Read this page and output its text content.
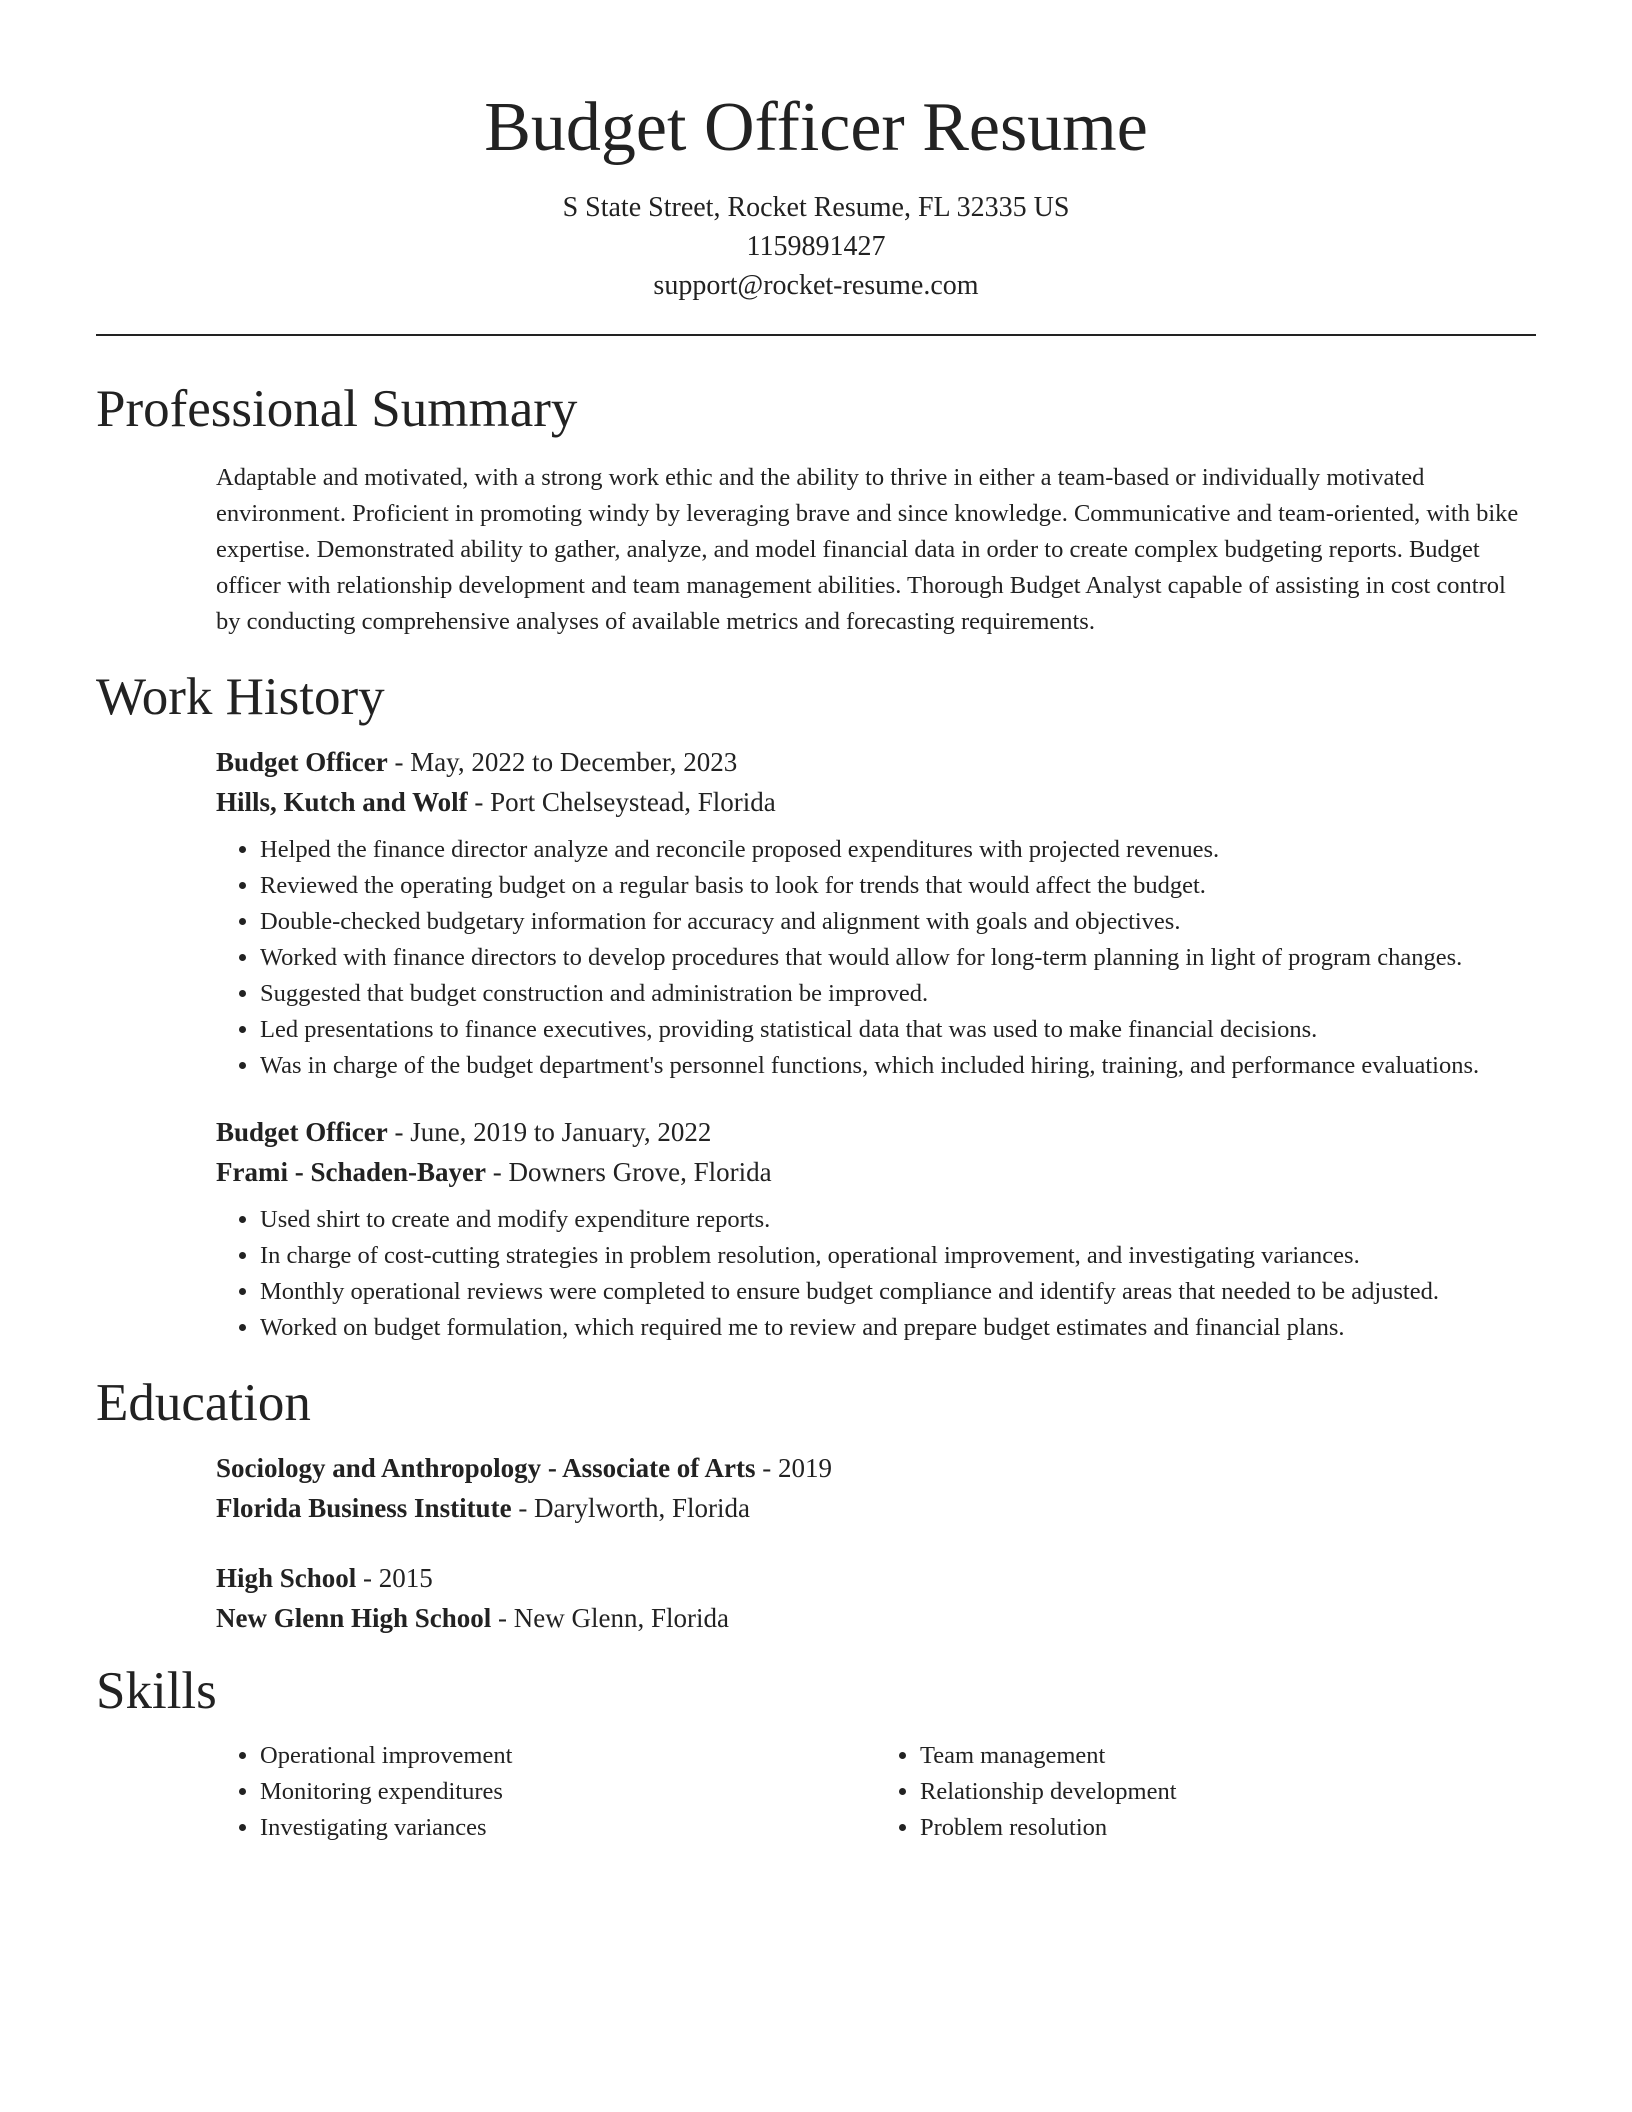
Budget Officer Resume
S State Street, Rocket Resume, FL 32335 US
1159891427
support@rocket-resume.com
Professional Summary
Adaptable and motivated, with a strong work ethic and the ability to thrive in either a team-based or individually motivated environment. Proficient in promoting windy by leveraging brave and since knowledge. Communicative and team-oriented, with bike expertise. Demonstrated ability to gather, analyze, and model financial data in order to create complex budgeting reports. Budget officer with relationship development and team management abilities. Thorough Budget Analyst capable of assisting in cost control by conducting comprehensive analyses of available metrics and forecasting requirements.
Work History
Budget Officer - May, 2022 to December, 2023
Hills, Kutch and Wolf - Port Chelseystead, Florida
• Helped the finance director analyze and reconcile proposed expenditures with projected revenues.
• Reviewed the operating budget on a regular basis to look for trends that would affect the budget.
• Double-checked budgetary information for accuracy and alignment with goals and objectives.
• Worked with finance directors to develop procedures that would allow for long-term planning in light of program changes.
• Suggested that budget construction and administration be improved.
• Led presentations to finance executives, providing statistical data that was used to make financial decisions.
• Was in charge of the budget department's personnel functions, which included hiring, training, and performance evaluations.
Budget Officer - June, 2019 to January, 2022
Frami - Schaden-Bayer - Downers Grove, Florida
• Used shirt to create and modify expenditure reports.
• In charge of cost-cutting strategies in problem resolution, operational improvement, and investigating variances.
• Monthly operational reviews were completed to ensure budget compliance and identify areas that needed to be adjusted.
• Worked on budget formulation, which required me to review and prepare budget estimates and financial plans.
Education
Sociology and Anthropology - Associate of Arts - 2019
Florida Business Institute - Darylworth, Florida
High School - 2015
New Glenn High School - New Glenn, Florida
Skills
• Operational improvement
• Monitoring expenditures
• Investigating variances
• Team management
• Relationship development
• Problem resolution
